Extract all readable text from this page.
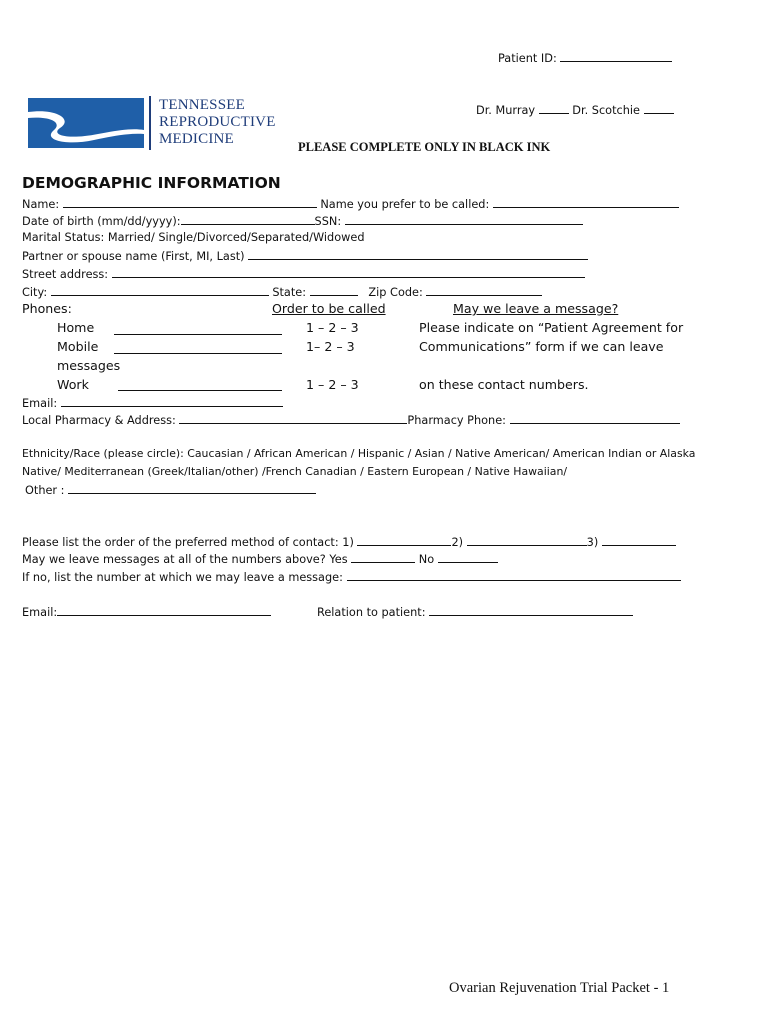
Patient ID:
TENNESSEE
REPRODUCTIVE
MEDICINE
Dr. Murray	Dr. Scotchie
PLEASE COMPLETE ONLY IN BLACK INK
DEMOGRAPHIC INFORMATION
Name:	Name you prefer to be called:
Date of birth (mm/dd/yyyy):	SSN:
Marital Status: Married/ Single/Divorced/Separated/Widowed
Partner or spouse name (First, MI, Last)
Street address:
City:	State:	Zip Code:
Phones:	Order to be called	May we leave a message?
Home	1 – 2 – 3	Please indicate on “Patient Agreement for
Mobile	1– 2 – 3	Communications” form if we can leave
messages
Work	1 – 2 – 3	on these contact numbers.
Email:
Local Pharmacy & Address:	Pharmacy Phone:
Ethnicity/Race (please circle): Caucasian / African American / Hispanic / Asian / Native American/ American Indian or Alaska
Native/ Mediterranean (Greek/Italian/other) /French Canadian / Eastern European / Native Hawaiian/
Other :
Please list the order of the preferred method of contact: 1)	2)	3)
May we leave messages at all of the numbers above? Yes	No
If no, list the number at which we may leave a message:
Email:	Relation to patient:
Ovarian Rejuvenation Trial Packet - 1
